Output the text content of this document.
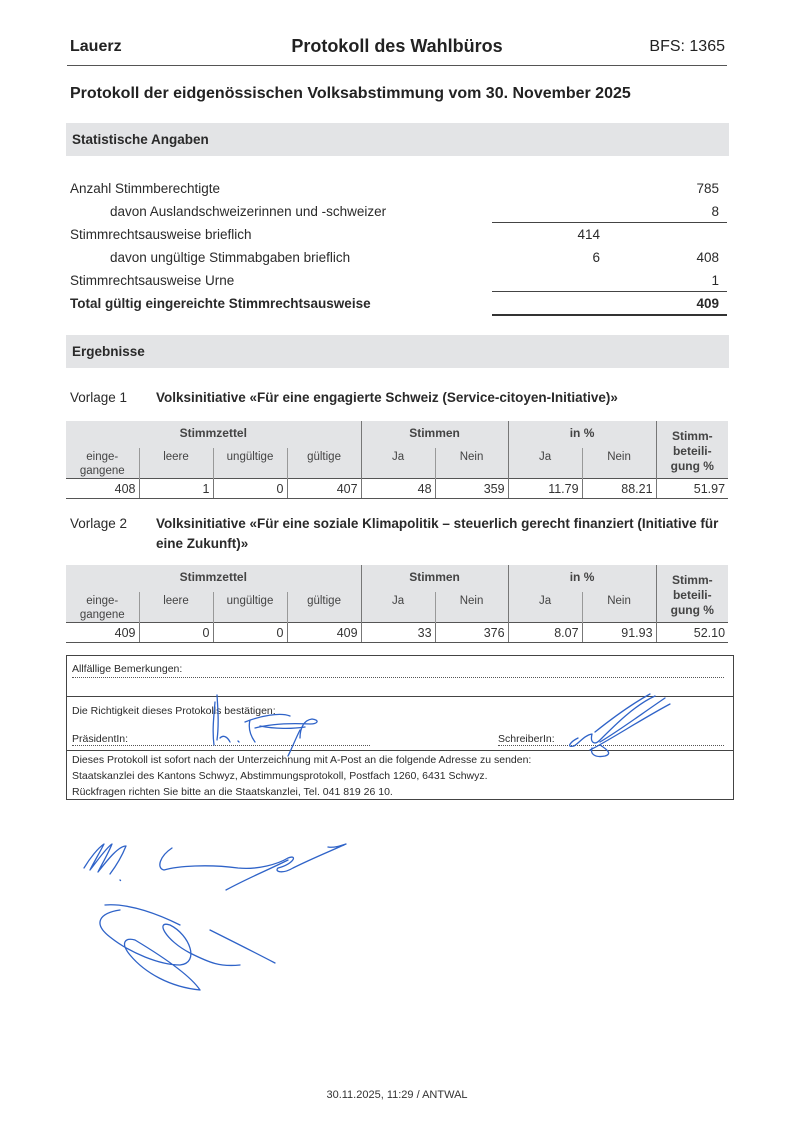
Lauerz	Protokoll des Wahlbüros	BFS: 1365
Protokoll der eidgenössischen Volksabstimmung vom 30. November 2025
Statistische Angaben
Anzahl Stimmberechtigte	785
davon Auslandschweizerinnen und -schweizer	8
Stimmrechtsausweise brieflich	414
davon ungültige Stimmabgaben brieflich	6	408
Stimmrechtsausweise Urne	1
Total gültig eingereichte Stimmrechtsausweise	409
Ergebnisse
Vorlage 1 Volksinitiative «Für eine engagierte Schweiz (Service-citoyen-Initiative)»
Stimmzettel				Stimmen		in %		Stimm-
beteili-
gung %
einge-
gangene	leere	ungültige	gültige	Ja	Nein	Ja	Nein	
408	1	0	407	48	359	11.79	88.21	51.97
Vorlage 2 Volksinitiative «Für eine soziale Klimapolitik – steuerlich gerecht finanziert (Initiative für eine Zukunft)»
Stimmzettel				Stimmen		in %		Stimm-
beteili-
gung %
einge-
gangene	leere	ungültige	gültige	Ja	Nein	Ja	Nein	
409	0	0	409	33	376	8.07	91.93	52.10
Allfällige Bemerkungen:
Die Richtigkeit dieses Protokolls bestätigen:
PräsidentIn:	SchreiberIn:
Dieses Protokoll ist sofort nach der Unterzeichnung mit A-Post an die folgende Adresse zu senden:
Staatskanzlei des Kantons Schwyz, Abstimmungsprotokoll, Postfach 1260, 6431 Schwyz.
Rückfragen richten Sie bitte an die Staatskanzlei, Tel. 041 819 26 10.
30.11.2025, 11:29 / ANTWAL
